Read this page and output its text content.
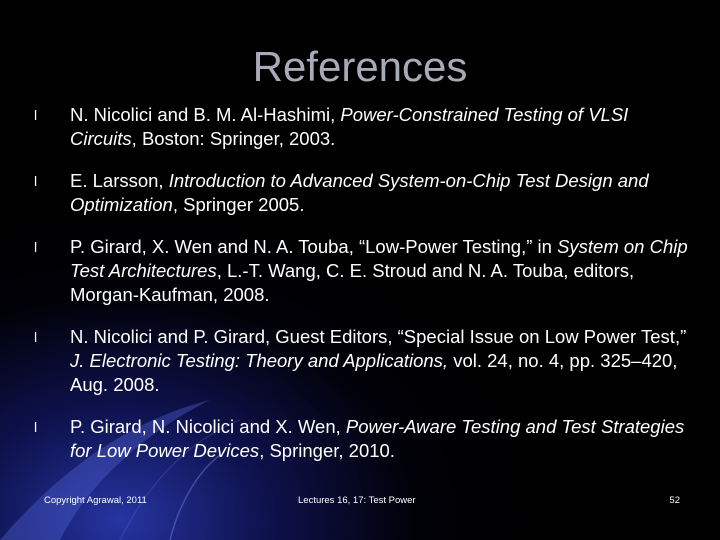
References
l N. Nicolici and B. M. Al-Hashimi, Power-Constrained Testing of VLSI Circuits, Boston: Springer, 2003.
l E. Larsson, Introduction to Advanced System-on-Chip Test Design and Optimization, Springer 2005.
l P. Girard, X. Wen and N. A. Touba, “Low-Power Testing,” in System on Chip Test Architectures, L.-T. Wang, C. E. Stroud and N. A. Touba, editors, Morgan-Kaufman, 2008.
l N. Nicolici and P. Girard, Guest Editors, “Special Issue on Low Power Test,” J. Electronic Testing: Theory and Applications, vol. 24, no. 4, pp. 325–420, Aug. 2008.
l P. Girard, N. Nicolici and X. Wen, Power-Aware Testing and Test Strategies for Low Power Devices, Springer, 2010.
Copyright Agrawal, 2011	Lectures 16, 17: Test Power	52
